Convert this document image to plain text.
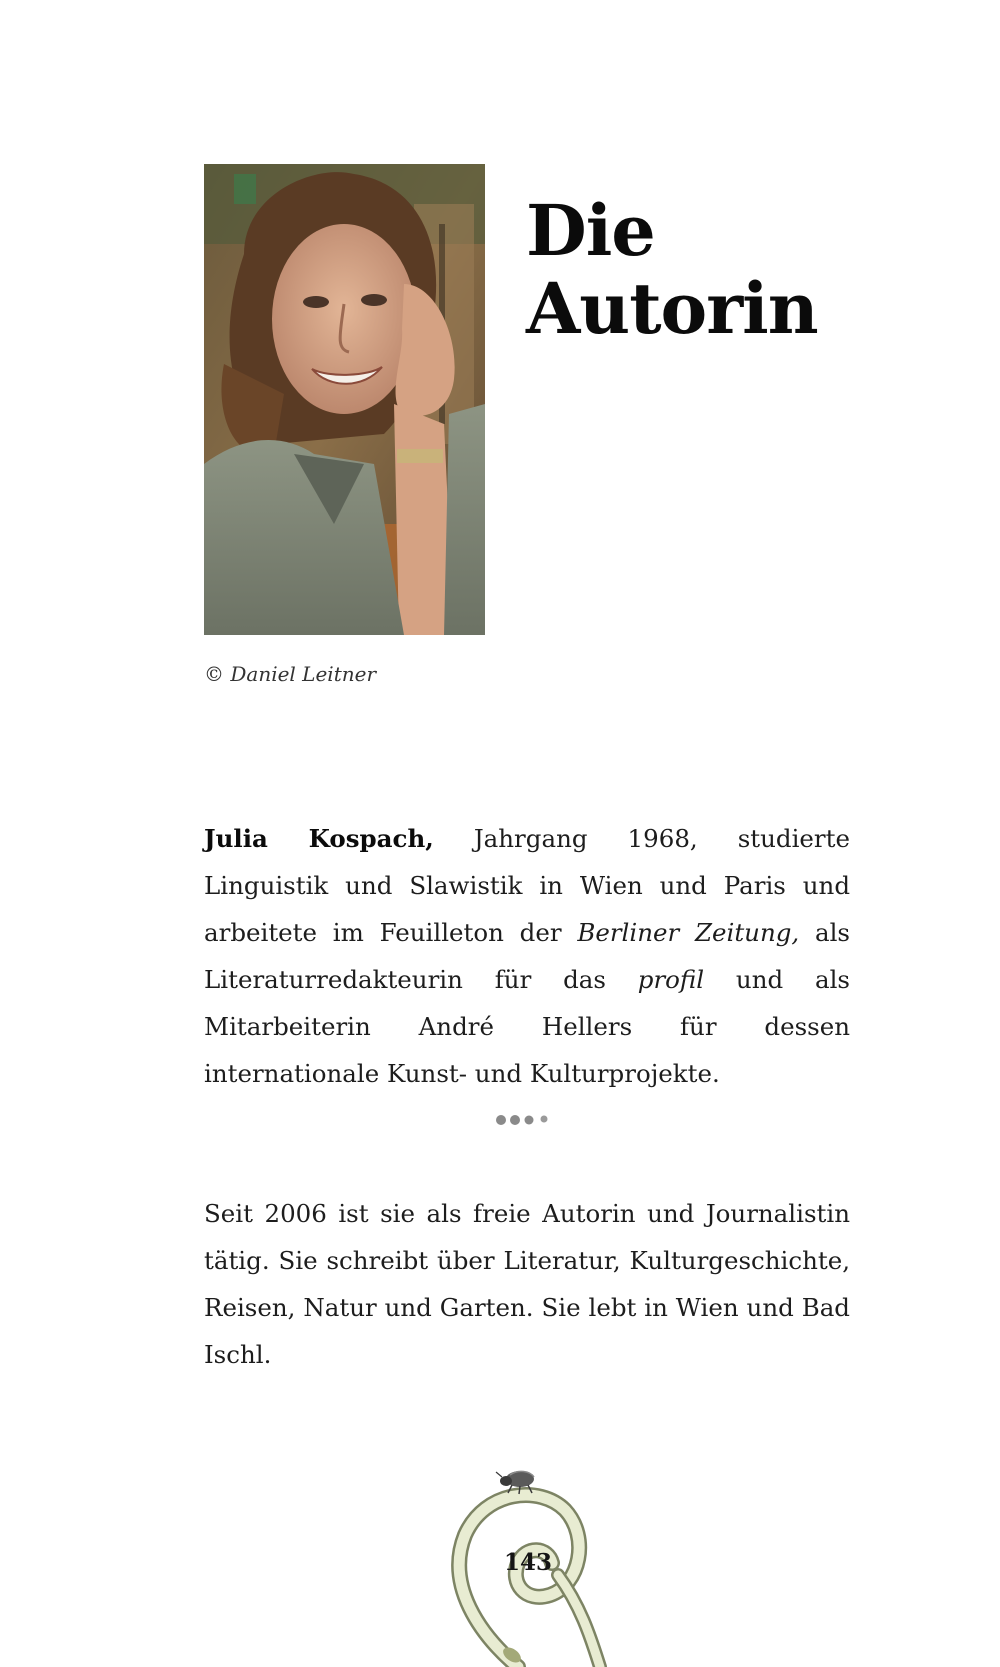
Die
Autorin
© Daniel Leitner

Julia Kospach, Jahrgang 1968, studierte Linguistik und Slawistik in Wien und Paris und arbeitete im Feuilleton der Berliner Zeitung, als Literaturredakteurin für das profil und als Mitarbeiterin André Hellers für dessen internationale Kunst- und Kulturprojekte.

Seit 2006 ist sie als freie Autorin und Journalistin tätig. Sie schreibt über Literatur, Kulturgeschichte, Reisen, Natur und Garten. Sie lebt in Wien und Bad Ischl.

143
